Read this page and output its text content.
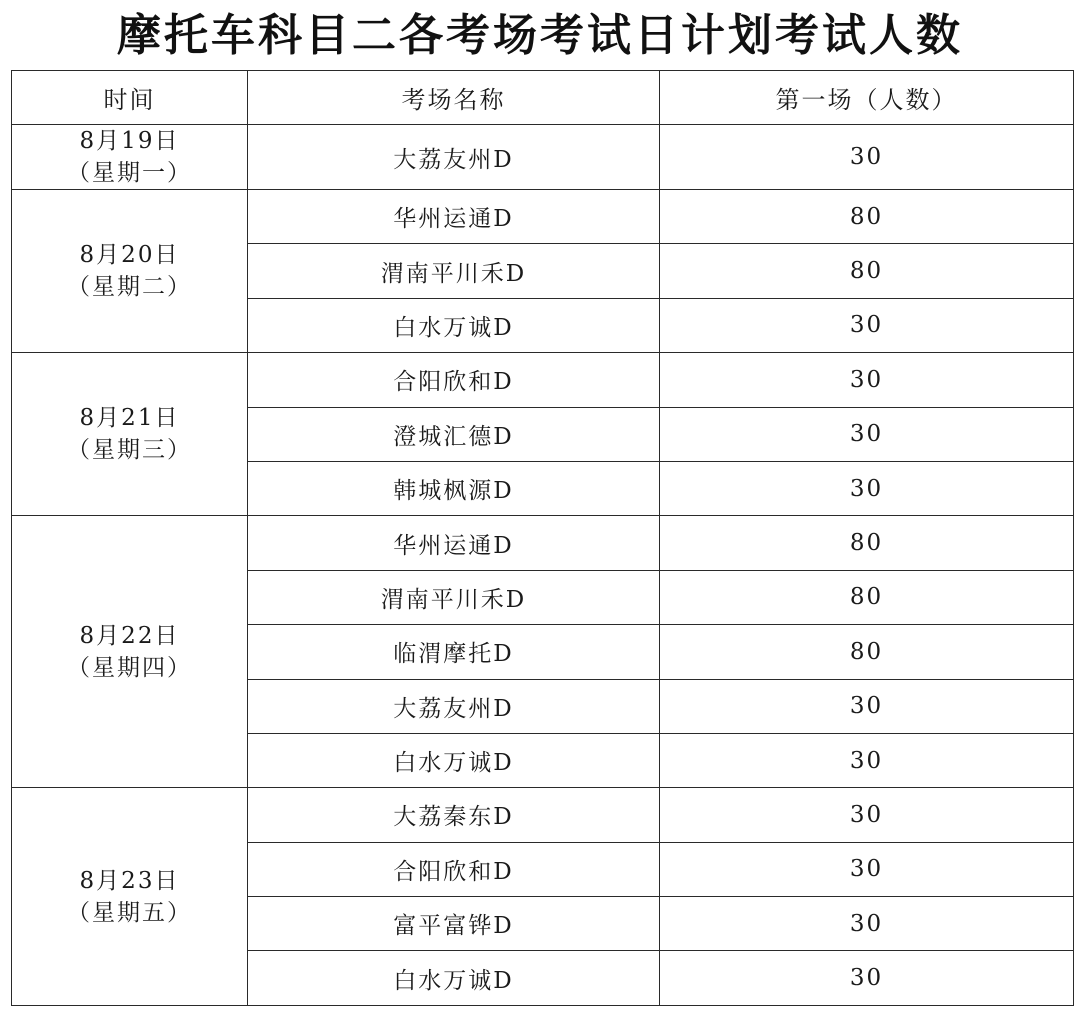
摩托车科目二各考场考试日计划考试人数
时间	考场名称	第一场（人数）

8月19日
（星期一）	大荔友州D	30

8月20日
（星期二）	华州运通D	80
	渭南平川禾D	80
	白水万诚D	30

8月21日
（星期三）	合阳欣和D	30
	澄城汇德D	30
	韩城枫源D	30

8月22日
（星期四）	华州运通D	80
	渭南平川禾D	80
	临渭摩托D	80
	大荔友州D	30
	白水万诚D	30

8月23日
（星期五）	大荔秦东D	30
	合阳欣和D	30
	富平富铧D	30
	白水万诚D	30
